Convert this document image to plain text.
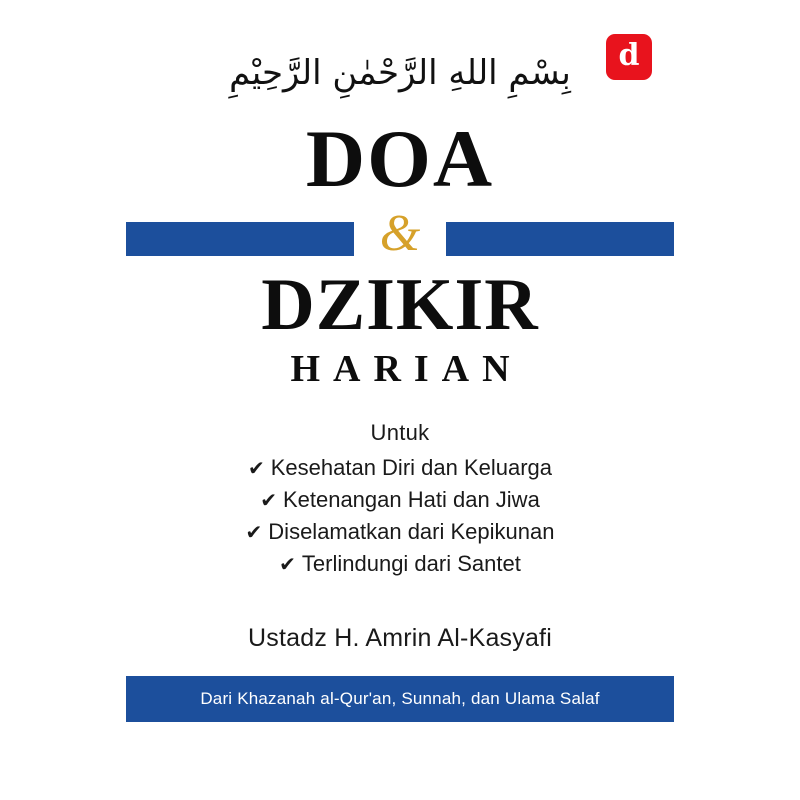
d
بِسْمِ اللهِ الرَّحْمٰنِ الرَّحِيْمِ
DOA
&
DZIKIR
HARIAN
Untuk
✔ Kesehatan Diri dan Keluarga
✔ Ketenangan Hati dan Jiwa
✔ Diselamatkan dari Kepikunan
✔ Terlindungi dari Santet
Ustadz H. Amrin Al-Kasyafi
Dari Khazanah al-Qur'an, Sunnah, dan Ulama Salaf
